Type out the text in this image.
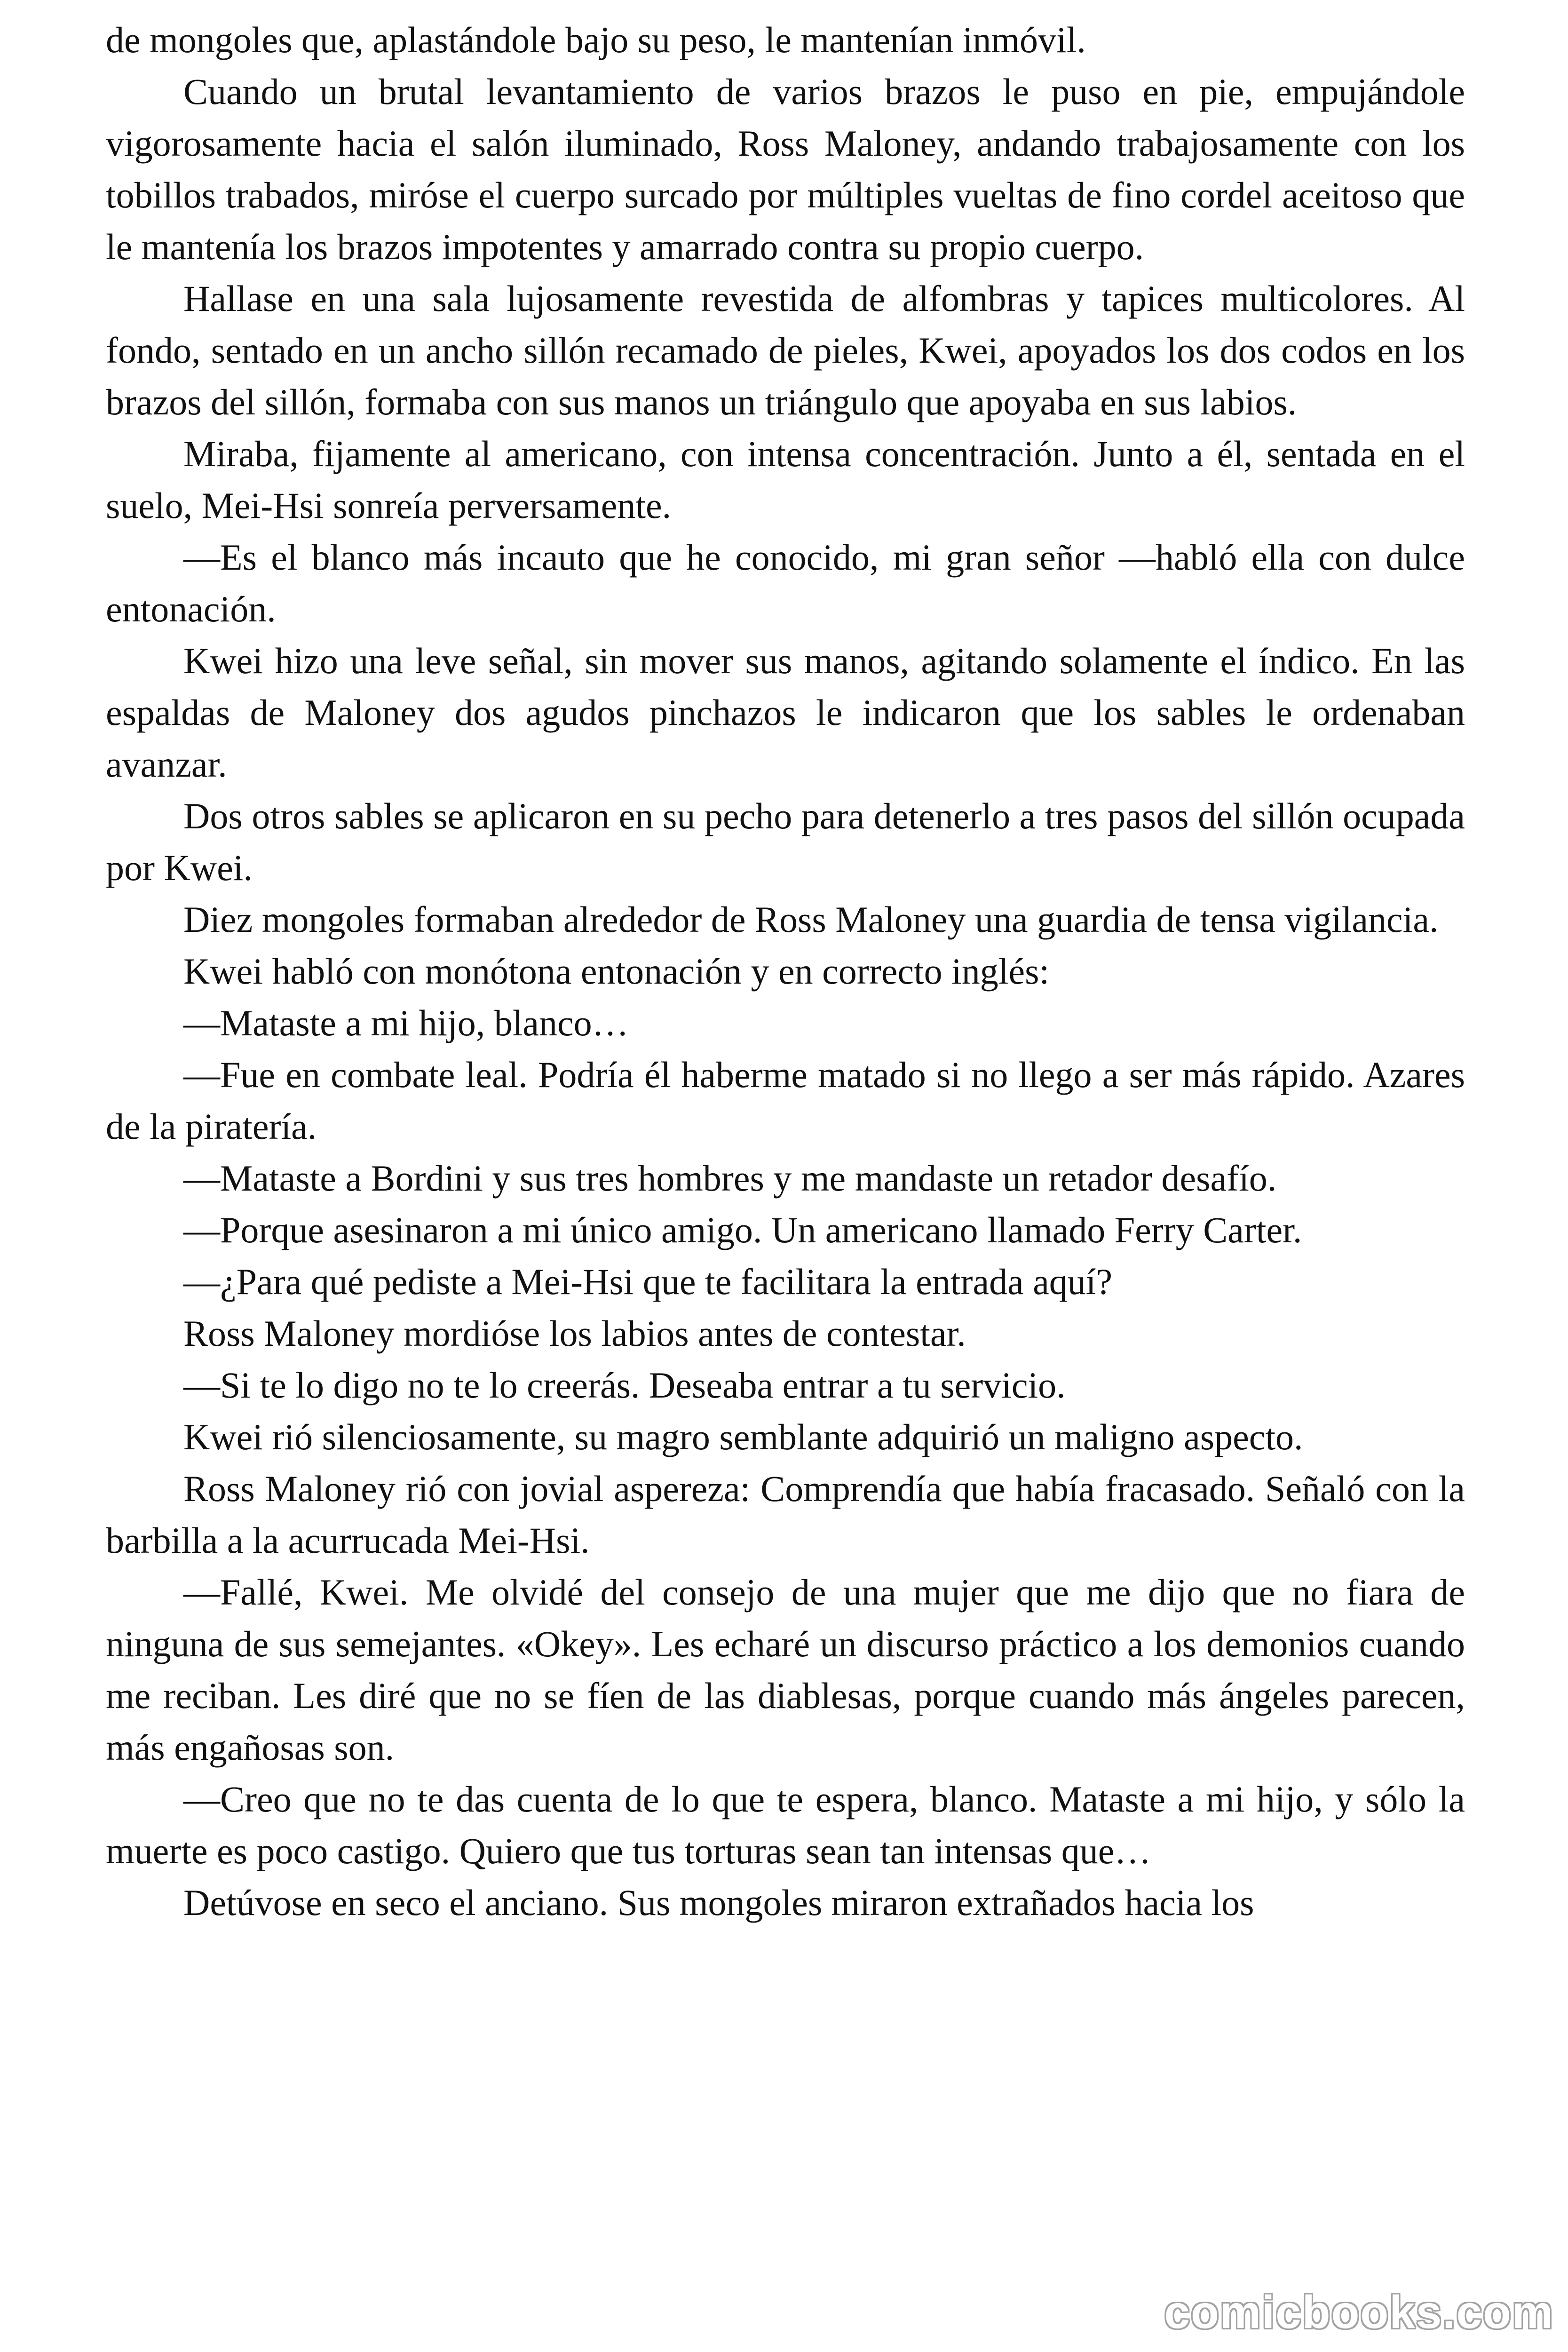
de mongoles que, aplastándole bajo su peso, le mantenían inmóvil.

Cuando un brutal levantamiento de varios brazos le puso en pie, empujándole vigorosamente hacia el salón iluminado, Ross Maloney, andando trabajosamente con los tobillos trabados, miróse el cuerpo surcado por múltiples vueltas de fino cordel aceitoso que le mantenía los brazos impotentes y amarrado contra su propio cuerpo.

Hallase en una sala lujosamente revestida de alfombras y tapices multicolores. Al fondo, sentado en un ancho sillón recamado de pieles, Kwei, apoyados los dos codos en los brazos del sillón, formaba con sus manos un triángulo que apoyaba en sus labios.

Miraba, fijamente al americano, con intensa concentración. Junto a él, sentada en el suelo, Mei-Hsi sonreía perversamente.

—Es el blanco más incauto que he conocido, mi gran señor —habló ella con dulce entonación.

Kwei hizo una leve señal, sin mover sus manos, agitando solamente el índico. En las espaldas de Maloney dos agudos pinchazos le indicaron que los sables le ordenaban avanzar.

Dos otros sables se aplicaron en su pecho para detenerlo a tres pasos del sillón ocupada por Kwei.

Diez mongoles formaban alrededor de Ross Maloney una guardia de tensa vigilancia.

Kwei habló con monótona entonación y en correcto inglés:

—Mataste a mi hijo, blanco…

—Fue en combate leal. Podría él haberme matado si no llego a ser más rápido. Azares de la piratería.

—Mataste a Bordini y sus tres hombres y me mandaste un retador desafío.

—Porque asesinaron a mi único amigo. Un americano llamado Ferry Carter.

—¿Para qué pediste a Mei-Hsi que te facilitara la entrada aquí?

Ross Maloney mordióse los labios antes de contestar.

—Si te lo digo no te lo creerás. Deseaba entrar a tu servicio.

Kwei rió silenciosamente, su magro semblante adquirió un maligno aspecto.

Ross Maloney rió con jovial aspereza: Comprendía que había fracasado. Señaló con la barbilla a la acurrucada Mei-Hsi.

—Fallé, Kwei. Me olvidé del consejo de una mujer que me dijo que no fiara de ninguna de sus semejantes. «Okey». Les echaré un discurso práctico a los demonios cuando me reciban. Les diré que no se fíen de las diablesas, porque cuando más ángeles parecen, más engañosas son.

—Creo que no te das cuenta de lo que te espera, blanco. Mataste a mi hijo, y sólo la muerte es poco castigo. Quiero que tus torturas sean tan intensas que…

Detúvose en seco el anciano. Sus mongoles miraron extrañados hacia los

comicbooks.com
